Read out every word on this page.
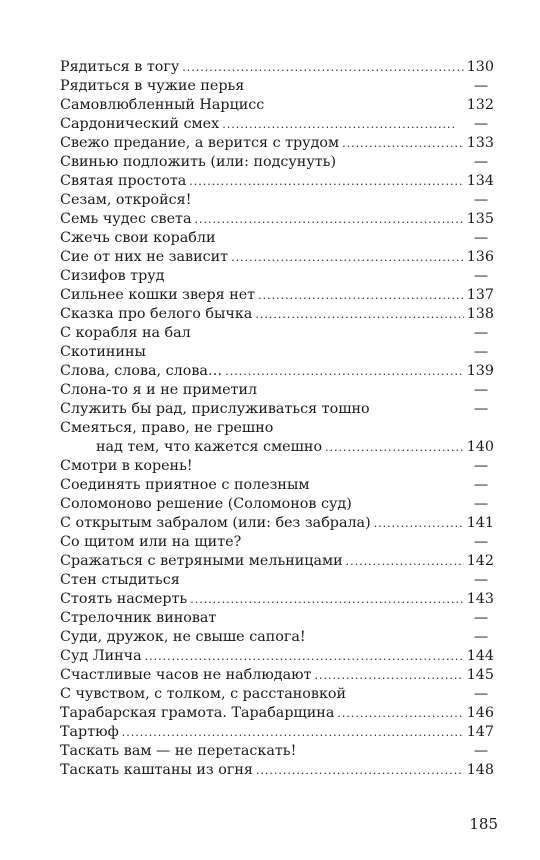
Рядиться в тогу .....	130
Рядиться в чужие перья	—
Самовлюбленный Нарцисс	132
Сардонический смех .....	—
Свежо предание, а верится с трудом .....	133
Свинью подложить (или: подсунуть)	—
Святая простота .....	134
Сезам, откройся!	—
Семь чудес света .....	135
Сжечь свои корабли	—
Сие от них не зависит .....	136
Сизифов труд	—
Сильнее кошки зверя нет .....	137
Сказка про белого бычка .....	138
С корабля на бал	—
Скотинины	—
Слова, слова, слова… .....	139
Слона-то я и не приметил	—
Служить бы рад, прислуживаться тошно	—
Смеяться, право, не грешно
над тем, что кажется смешно .....	140
Смотри в корень!	—
Соединять приятное с полезным	—
Соломоново решение (Соломонов суд)	—
С открытым забралом (или: без забрала) .....	141
Со щитом или на щите?	—
Сражаться с ветряными мельницами .....	142
Стен стыдиться	—
Стоять насмерть .....	143
Стрелочник виноват	—
Суди, дружок, не свыше сапога!	—
Суд Линча .....	144
Счастливые часов не наблюдают .....	145
С чувством, с толком, с расстановкой	—
Тарабарская грамота. Тарабарщина .....	146
Тартюф .....	147
Таскать вам — не перетаскать!	—
Таскать каштаны из огня .....	148
185
